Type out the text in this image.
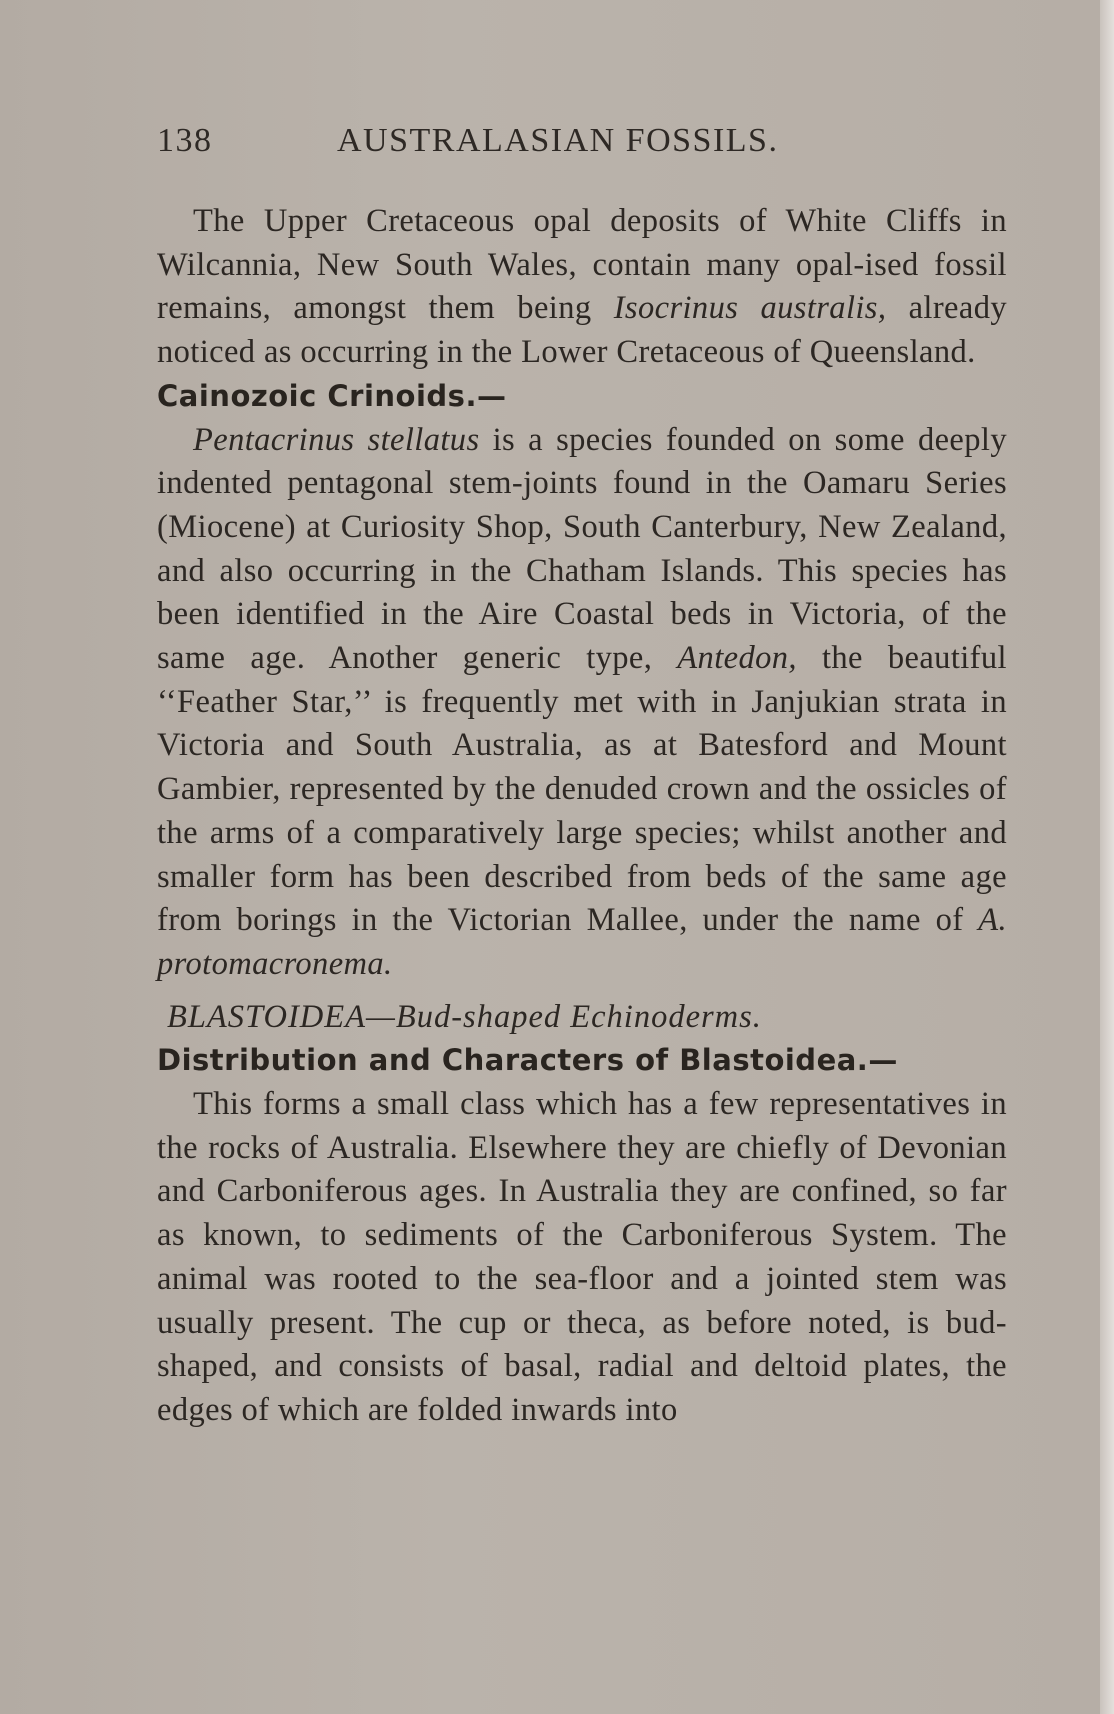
138	AUSTRALASIAN FOSSILS.

The Upper Cretaceous opal deposits of White Cliffs in Wilcannia, New South Wales, contain many opal-ised fossil remains, amongst them being Isocrinus australis, already noticed as occurring in the Lower Cretaceous of Queensland.

Cainozoic Crinoids.—

Pentacrinus stellatus is a species founded on some deeply indented pentagonal stem-joints found in the Oamaru Series (Miocene) at Curiosity Shop, South Canterbury, New Zealand, and also occurring in the Chatham Islands. This species has been identified in the Aire Coastal beds in Victoria, of the same age. Another generic type, Antedon, the beautiful ‘‘Feather Star,’’ is frequently met with in Janjukian strata in Victoria and South Australia, as at Batesford and Mount Gambier, represented by the denuded crown and the ossicles of the arms of a comparatively large species; whilst another and smaller form has been described from beds of the same age from borings in the Victorian Mallee, under the name of A. protomacronema.

BLASTOIDEA—Bud-shaped Echinoderms.

Distribution and Characters of Blastoidea.—

This forms a small class which has a few representatives in the rocks of Australia. Elsewhere they are chiefly of Devonian and Carboniferous ages. In Australia they are confined, so far as known, to sediments of the Carboniferous System. The animal was rooted to the sea-floor and a jointed stem was usually present. The cup or theca, as before noted, is bud-shaped, and consists of basal, radial and deltoid plates, the edges of which are folded inwards into
